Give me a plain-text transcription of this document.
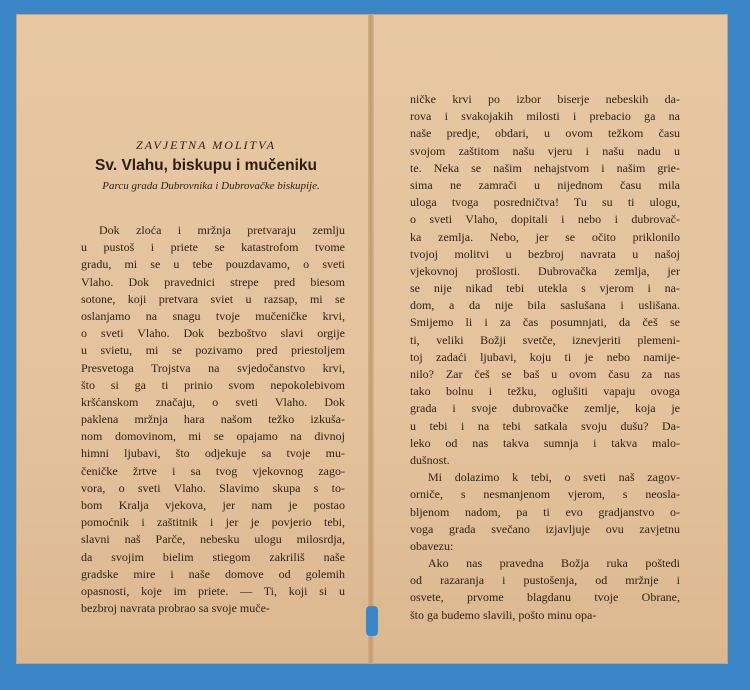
ZAVJETNA MOLITVA
Sv. Vlahu, biskupu i mučeniku
Parcu grada Dubrovnika i Dubrovačke biskupije.
Dok zloća i mržnja pretvaraju zemlju
u pustoš i priete se katastrofom tvome
gradu, mi se u tebe pouzdavamo, o sveti
Vlaho. Dok pravednici strepe pred biesom
sotone, koji pretvara sviet u razsap, mi se
oslanjamo na snagu tvoje mučeničke krvi,
o sveti Vlaho. Dok bezboštvo slavi orgije
u svietu, mi se pozivamo pred priestoljem
Presvetoga Trojstva na svjedočanstvo krvi,
što si ga ti prinio svom nepokolebivom
kršćanskom značaju, o sveti Vlaho. Dok
paklena mržnja hara našom težko izkuša-
nom domovinom, mi se opajamo na divnoj
himni ljubavi, što odjekuje sa tvoje mu-
čeničke žrtve i sa tvog vjekovnog zago-
vora, o sveti Vlaho. Slavimo skupa s to-
bom Kralja vjekova, jer nam je postao
pomoćnik i zaštitnik i jer je povjerio tebi,
slavni naš Parče, nebesku ulogu milosrdja,
da svojim bielim stiegom zakriliš naše
gradske mire i naše domove od golemih
opasnosti, koje im priete. — Ti, koji si u
bezbroj navrata probrao sa svoje muče-
ničke krvi po izbor biserje nebeskih da-
rova i svakojakih milosti i prebacio ga na
naše predje, obdari, u ovom težkom času
svojom zaštitom našu vjeru i našu nadu u
te. Neka se našim nehajstvom i našim grie-
sima ne zamrači u nijednom času mila
uloga tvoga posredničtva! Tu su ti ulogu,
o sveti Vlaho, dopitali i nebo i dubrovač-
ka zemlja. Nebo, jer se očito priklonilo
tvojoj molitvi u bezbroj navrata u našoj
vjekovnoj prošlosti. Dubrovačka zemlja, jer
se nije nikad tebi utekla s vjerom i na-
dom, a da nije bila saslušana i uslišana.
Smijemo li i za čas posumnjati, da češ se
ti, veliki Božji svetče, iznevjeriti plemeni-
toj zadaći ljubavi, koju ti je nebo namije-
nilo? Zar češ se baš u ovom času za nas
tako bolnu i težku, oglušiti vapaju ovoga
grada i svoje dubrovačke zemlje, koja je
u tebi i na tebi satkala svoju dušu? Da-
leko od nas takva sumnja i takva malo-
dušnost.
Mi dolazimo k tebi, o sveti naš zagov-
orniče, s nesmanjenom vjerom, s neosla-
bljenom nadom, pa ti evo gradjanstvo o-
voga grada svečano izjavljuje ovu zavjetnu
obavezu:
Ako nas pravedna Božja ruka poštedi
od razaranja i pustošenja, od mržnje i
osvete, prvome blagdanu tvoje Obrane,
što ga budemo slavili, pošto minu opa-
